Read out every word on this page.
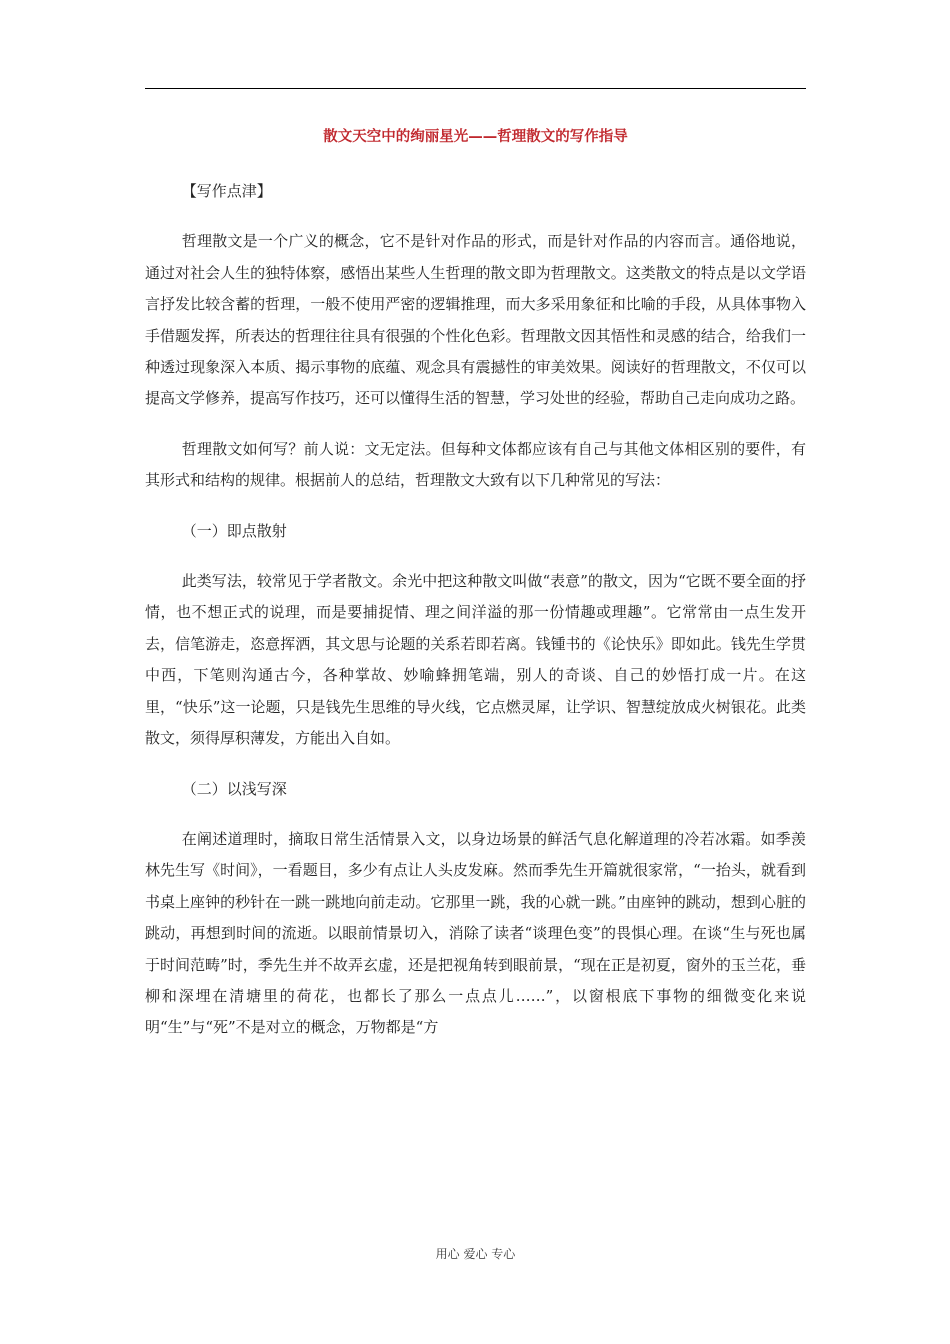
散文天空中的绚丽星光——哲理散文的写作指导

【写作点津】

哲理散文是一个广义的概念，它不是针对作品的形式，而是针对作品的内容而言。通俗地说，通过对社会人生的独特体察，感悟出某些人生哲理的散文即为哲理散文。这类散文的特点是以文学语言抒发比较含蓄的哲理，一般不使用严密的逻辑推理，而大多采用象征和比喻的手段，从具体事物入手借题发挥，所表达的哲理往往具有很强的个性化色彩。哲理散文因其悟性和灵感的结合，给我们一种透过现象深入本质、揭示事物的底蕴、观念具有震撼性的审美效果。阅读好的哲理散文，不仅可以提高文学修养，提高写作技巧，还可以懂得生活的智慧，学习处世的经验，帮助自己走向成功之路。

哲理散文如何写？前人说：文无定法。但每种文体都应该有自己与其他文体相区别的要件，有其形式和结构的规律。根据前人的总结，哲理散文大致有以下几种常见的写法：

（一）即点散射

此类写法，较常见于学者散文。余光中把这种散文叫做“表意”的散文，因为“它既不要全面的抒情，也不想正式的说理，而是要捕捉情、理之间洋溢的那一份情趣或理趣”。它常常由一点生发开去，信笔游走，恣意挥洒，其文思与论题的关系若即若离。钱锺书的《论快乐》即如此。钱先生学贯中西，下笔则沟通古今，各种掌故、妙喻蜂拥笔端，别人的奇谈、自己的妙悟打成一片。在这里，“快乐”这一论题，只是钱先生思维的导火线，它点燃灵犀，让学识、智慧绽放成火树银花。此类散文，须得厚积薄发，方能出入自如。

（二）以浅写深

在阐述道理时，摘取日常生活情景入文，以身边场景的鲜活气息化解道理的冷若冰霜。如季羡林先生写《时间》，一看题目，多少有点让人头皮发麻。然而季先生开篇就很家常，“一抬头，就看到书桌上座钟的秒针在一跳一跳地向前走动。它那里一跳，我的心就一跳。”由座钟的跳动，想到心脏的跳动，再想到时间的流逝。以眼前情景切入，消除了读者“谈理色变”的畏惧心理。在谈“生与死也属于时间范畴”时，季先生并不故弄玄虚，还是把视角转到眼前景，“现在正是初夏，窗外的玉兰花，垂柳和深埋在清塘里的荷花，也都长了那么一点点儿……”，以窗根底下事物的细微变化来说明“生”与“死”不是对立的概念，万物都是“方

用心 爱心 专心
